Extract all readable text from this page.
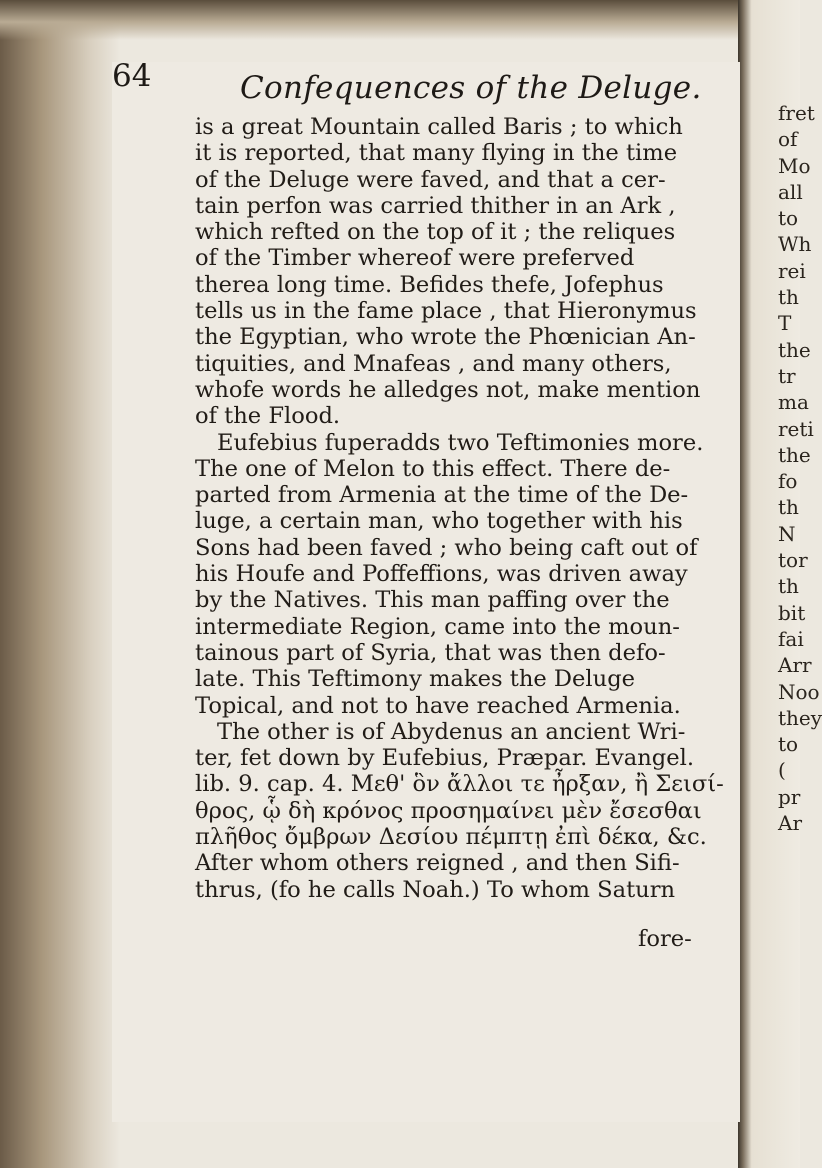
64	Confequences of the Deluge.
is a great Mountain called Baris ; to which
it is reported, that many flying in the time
of the Deluge were faved, and that a cer-
tain perfon was carried thither in an Ark ,
which refted on the top of it ; the reliques
of the Timber whereof were preferved
therea long time. Befides thefe, Jofephus
tells us in the fame place , that Hieronymus
the Egyptian, who wrote the Phœnician An-
tiquities, and Mnafeas , and many others,
whofe words he alledges not, make mention
of the Flood.
Eufebius fuperadds two Teftimonies more.
The one of Melon to this effect. There de-
parted from Armenia at the time of the De-
luge, a certain man, who together with his
Sons had been faved ; who being caft out of
his Houfe and Poffeffions, was driven away
by the Natives. This man paffing over the
intermediate Region, came into the moun-
tainous part of Syria, that was then defo-
late. This Teftimony makes the Deluge
Topical, and not to have reached Armenia.
The other is of Abydenus an ancient Wri-
ter, fet down by Eufebius, Præpar. Evangel.
lib. 9. cap. 4. Μεθ' ὃν ἄλλοι τε ἦρξαν, ἢ Σεισί-
θρος, ᾧ δὴ κρόνος προσημαίνει μὲν ἔσεσθαι
πλῆθος ὄμβρων Δεσίου πέμπτῃ ἐπὶ δέκα, &c.
After whom others reigned , and then Sifi-
thrus, (fo he calls Noah.) To whom Saturn
fore-
fret
of
Mo
all
to
Wh
rei
th
T
the
tr
ma
reti
the
fo
th
N
tor
th
bit
fai
Arr
Noo
they
to
(
pr
Ar
